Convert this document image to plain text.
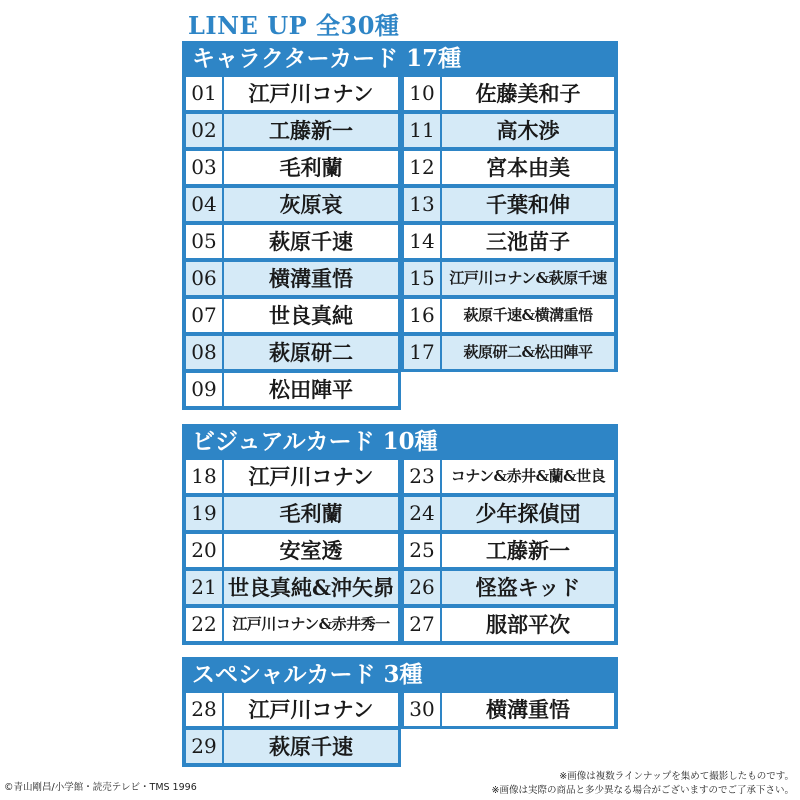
LINE UP 全30種
キャラクターカード 17種
01	江戸川コナン
02	工藤新一
03	毛利蘭
04	灰原哀
05	萩原千速
06	横溝重悟
07	世良真純
08	萩原研二
09	松田陣平
10	佐藤美和子
11	高木渉
12	宮本由美
13	千葉和伸
14	三池苗子
15 江戸川コナン&萩原千速
16	萩原千速&横溝重悟
17	萩原研二&松田陣平
ビジュアルカード 10種
18	江戸川コナン
19	毛利蘭
20	安室透
21 世良真純&沖矢昴
22	江戸川コナン&赤井秀一
23	コナン&赤井&蘭&世良
24	少年探偵団
25	工藤新一
26	怪盗キッド
27	服部平次
スペシャルカード 3種
28	江戸川コナン
29	萩原千速
30	横溝重悟
©青山剛昌/小学館・読売テレビ・TMS 1996
※画像は複数ラインナップを集めて撮影したものです。
※画像は実際の商品と多少異なる場合がございますのでご了承下さい。
